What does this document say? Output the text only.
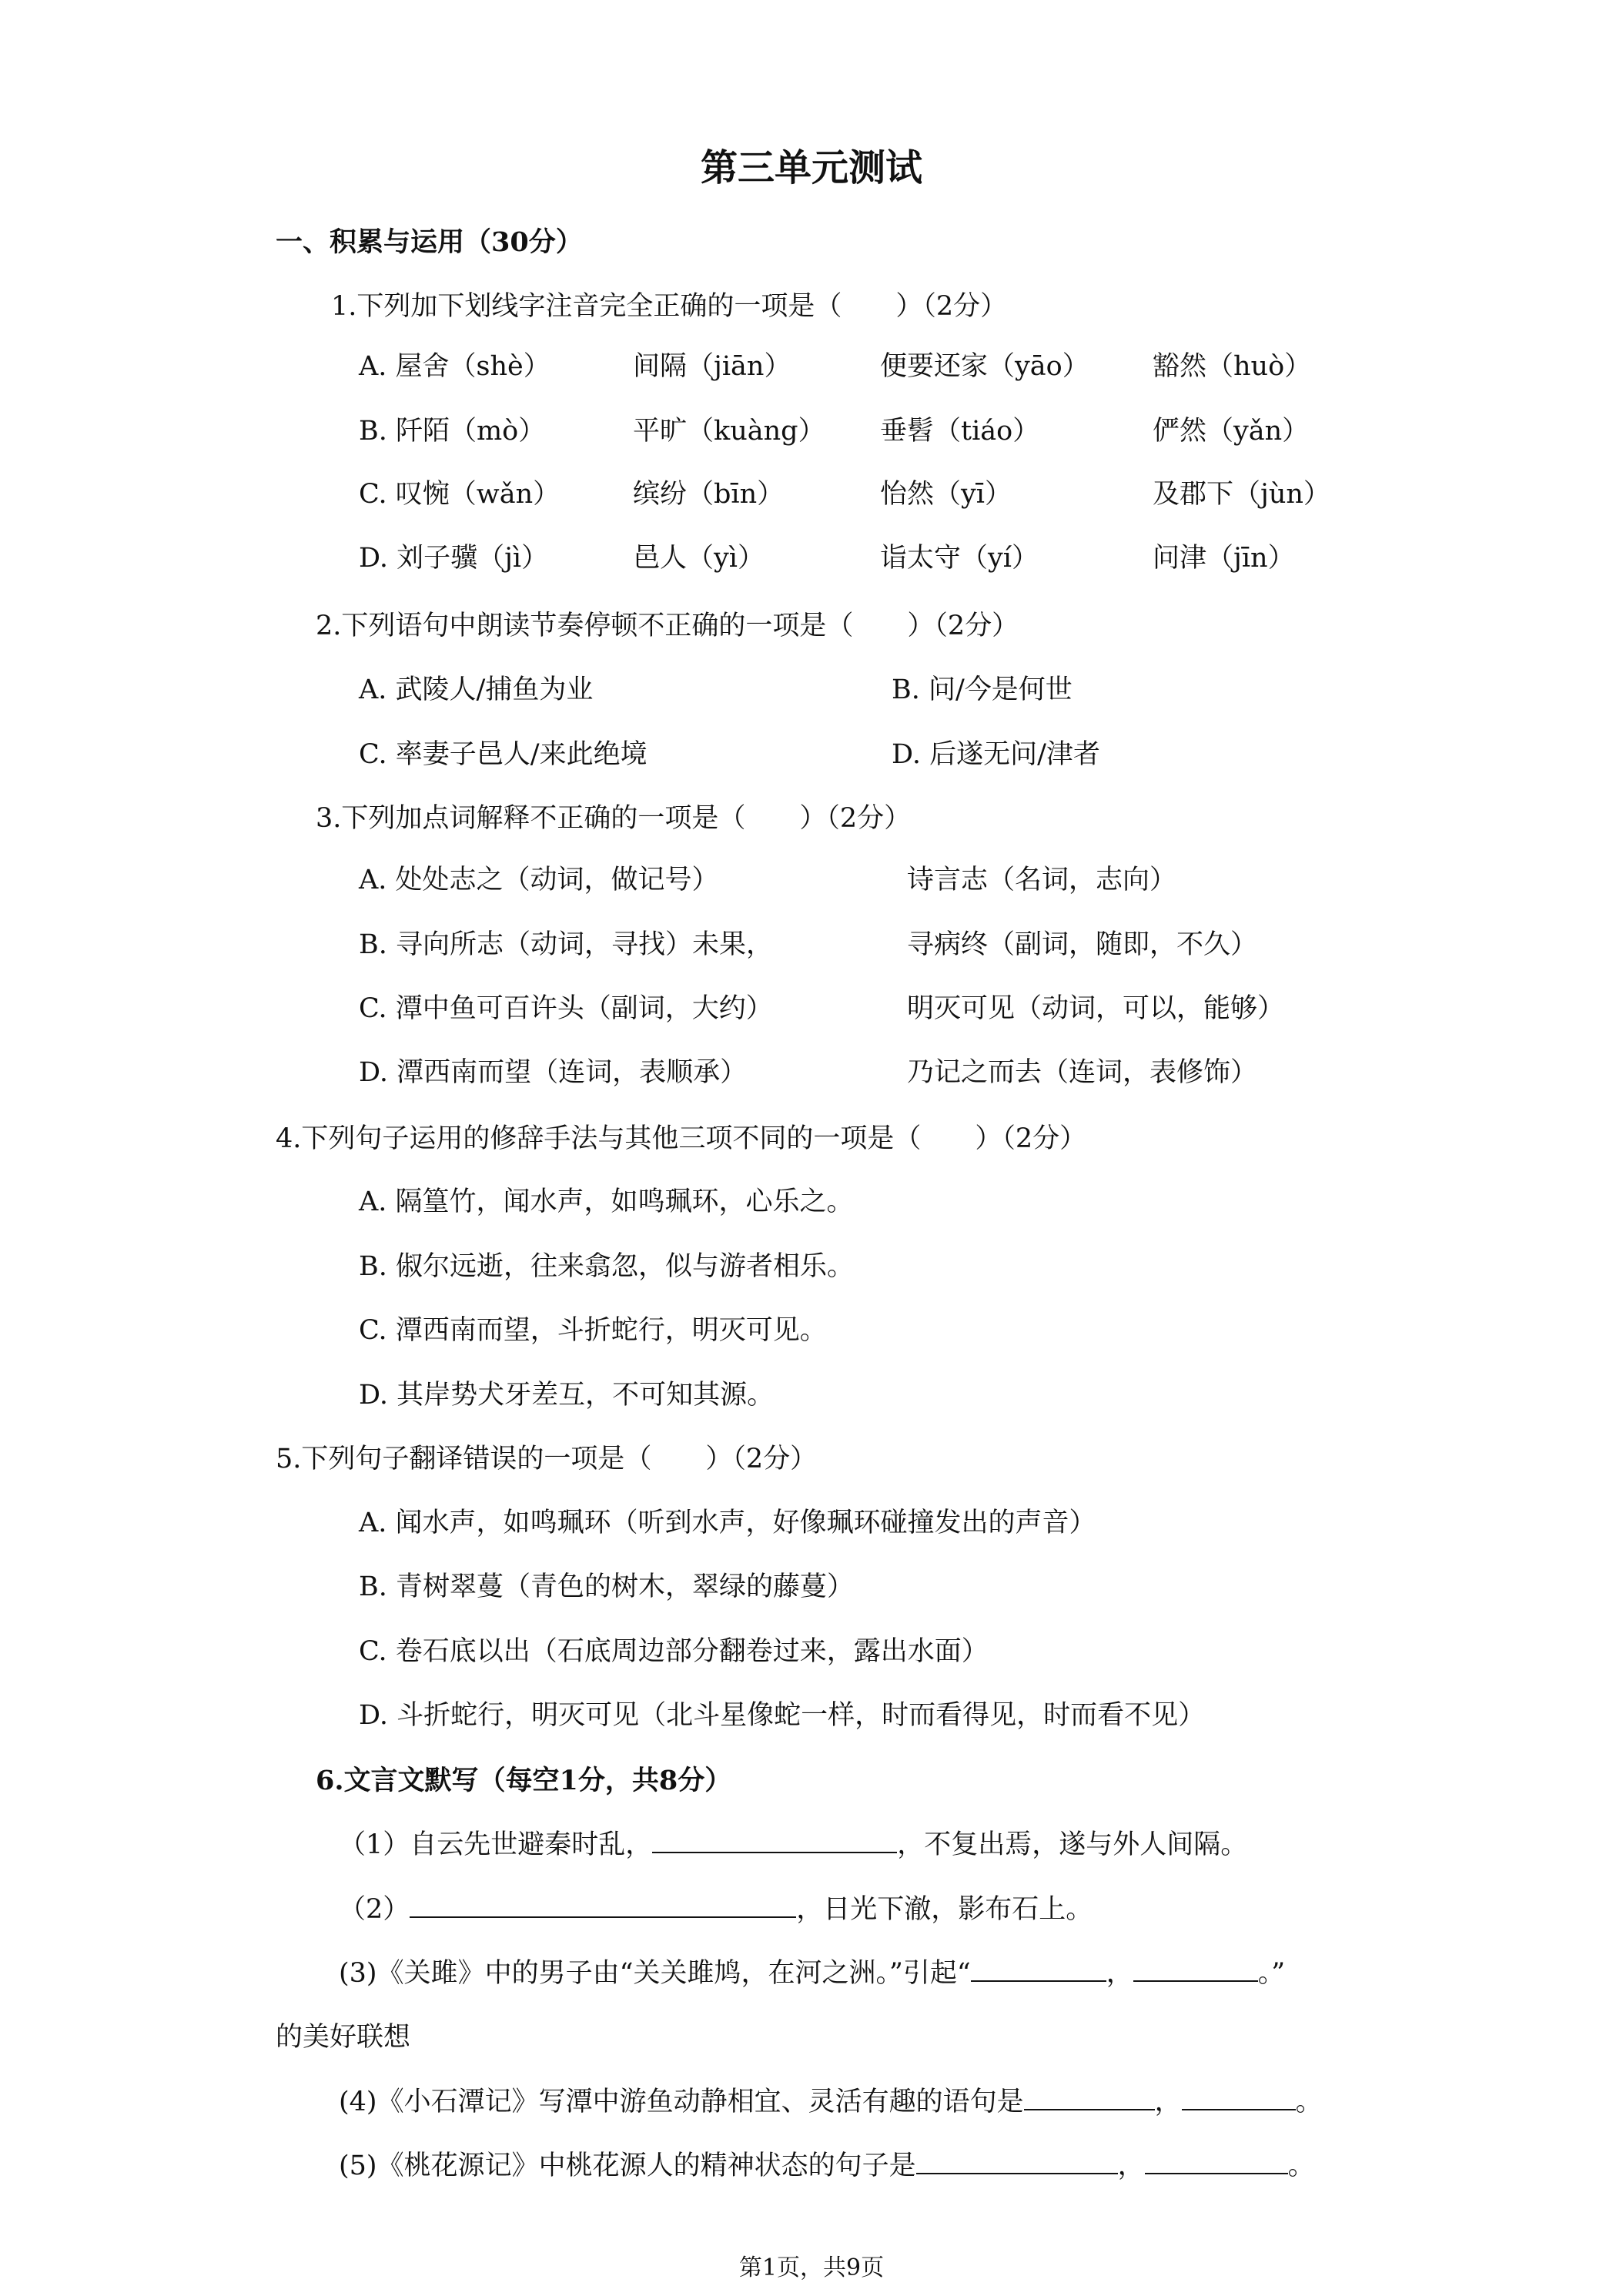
第三单元测试
一、积累与运用（30分）
1.下列加下划线字注音完全正确的一项是（　　）（2分）
A. 屋舍（shè）	间隔（jiān）	便要还家（yāo） 豁然（huò）
B. 阡陌（mò）	平旷（kuàng） 垂髫（tiáo）	俨然（yǎn）
C. 叹惋（wǎn）	缤纷（bīn）	怡然（yī）	及郡下（jùn）
D. 刘子骥（jì）	邑人（yì）	诣太守（yí）	问津（jīn）
2.下列语句中朗读节奏停顿不正确的一项是（　　）（2分）
A. 武陵人/捕鱼为业	B. 问/今是何世
C. 率妻子邑人/来此绝境	D. 后遂无问/津者
3.下列加点词解释不正确的一项是（　　）（2分）
A. 处处志之（动词，做记号）	诗言志（名词，志向）
B. 寻向所志（动词，寻找）未果，	寻病终（副词，随即，不久）
C. 潭中鱼可百许头（副词，大约）	明灭可见（动词，可以，能够）
D. 潭西南而望（连词，表顺承）	乃记之而去（连词，表修饰）
4.下列句子运用的修辞手法与其他三项不同的一项是（　　）（2分）
A. 隔篁竹，闻水声，如鸣珮环，心乐之。
B. 俶尔远逝，往来翕忽，似与游者相乐。
C. 潭西南而望，斗折蛇行，明灭可见。
D. 其岸势犬牙差互，不可知其源。
5.下列句子翻译错误的一项是（　　）（2分）
A. 闻水声，如鸣珮环（听到水声，好像珮环碰撞发出的声音）
B. 青树翠蔓（青色的树木，翠绿的藤蔓）
C. 卷石底以出（石底周边部分翻卷过来，露出水面）
D. 斗折蛇行，明灭可见（北斗星像蛇一样，时而看得见，时而看不见）
6.文言文默写（每空1分，共8分）
（1）自云先世避秦时乱，	，不复出焉，遂与外人间隔。
（2）	，日光下澈，影布石上。
(3)《关雎》中的男子由“关关雎鸠，在河之洲。”引起“	，	。”
的美好联想
(4)《小石潭记》写潭中游鱼动静相宜、灵活有趣的语句是	，	。
(5)《桃花源记》中桃花源人的精神状态的句子是	，	。
第1页，共9页
